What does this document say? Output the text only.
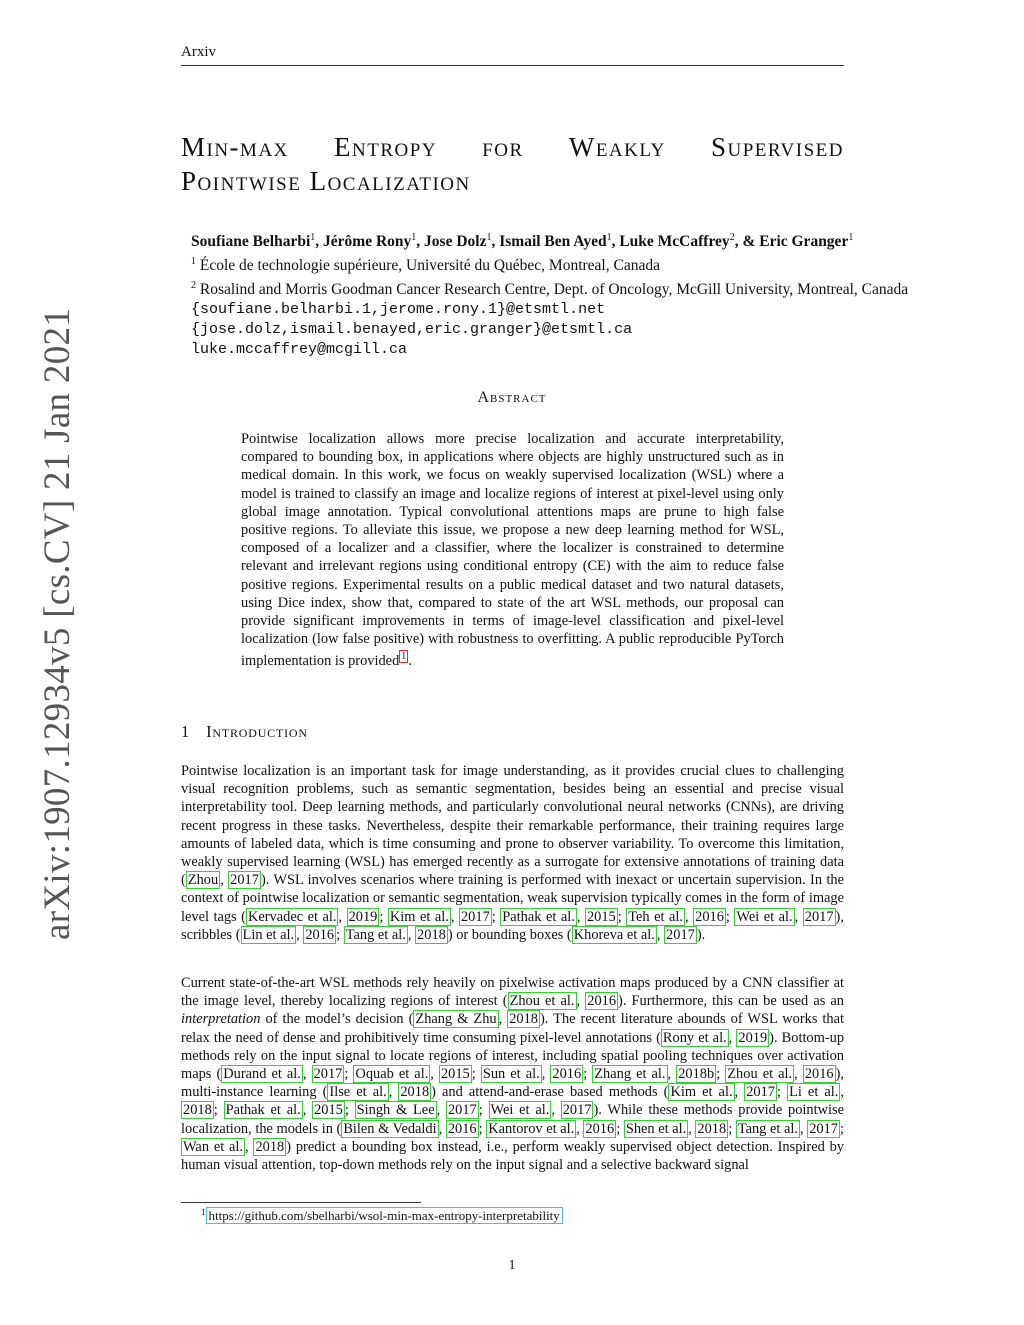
Arxiv
arXiv:1907.12934v5 [cs.CV] 21 Jan 2021
Min-max Entropy for Weakly Supervised
Pointwise Localization
Soufiane Belharbi$^1$, Jérôme Rony$^1$, Jose Dolz$^1$, Ismail Ben Ayed$^1$, Luke McCaffrey$^2$, & Eric Granger$^1$
$^1$ École de technologie supérieure, Université du Québec, Montreal, Canada
$^2$ Rosalind and Morris Goodman Cancer Research Centre, Dept. of Oncology, McGill University, Montreal, Canada
{soufiane.belharbi.1,jerome.rony.1}@etsmtl.net
{jose.dolz,ismail.benayed,eric.granger}@etsmtl.ca
luke.mccaffrey@mcgill.ca
Abstract
Pointwise localization allows more precise localization and accurate interpretability, compared to bounding box, in applications where objects are highly unstructured such as in medical domain. In this work, we focus on weakly supervised localization (WSL) where a model is trained to classify an image and localize regions of interest at pixel-level using only global image annotation. Typical convolutional attentions maps are prune to high false positive regions. To alleviate this issue, we propose a new deep learning method for WSL, composed of a localizer and a classifier, where the localizer is constrained to determine relevant and irrelevant regions using conditional entropy (CE) with the aim to reduce false positive regions. Experimental results on a public medical dataset and two natural datasets, using Dice index, show that, compared to state of the art WSL methods, our proposal can provide significant improvements in terms of image-level classification and pixel-level localization (low false positive) with robustness to overfitting. A public reproducible PyTorch implementation is provided $^1$ .
1 Introduction
Pointwise localization is an important task for image understanding, as it provides crucial clues to challenging visual recognition problems, such as semantic segmentation, besides being an essential and precise visual interpretability tool. Deep learning methods, and particularly convolutional neural networks (CNNs), are driving recent progress in these tasks. Nevertheless, despite their remarkable performance, their training requires large amounts of labeled data, which is time consuming and prone to observer variability. To overcome this limitation, weakly supervised learning (WSL) has emerged recently as a surrogate for extensive annotations of training data ( Zhou , 2017 ). WSL involves scenarios where training is performed with inexact or uncertain supervision. In the context of pointwise localization or semantic segmentation, weak supervision typically comes in the form of image level tags ( Kervadec et al. , 2019 ; Kim et al. , 2017 ; Pathak et al. , 2015 ; Teh et al. , 2016 ; Wei et al. , 2017 ), scribbles ( Lin et al. , 2016 ; Tang et al. , 2018 ) or bounding boxes ( Khoreva et al. , 2017 ).
Current state-of-the-art WSL methods rely heavily on pixelwise activation maps produced by a CNN classifier at the image level, thereby localizing regions of interest ( Zhou et al. , 2016 ). Furthermore, this can be used as an interpretation of the model’s decision ( Zhang & Zhu , 2018 ). The recent literature abounds of WSL works that relax the need of dense and prohibitively time consuming pixel-level annotations ( Rony et al. , 2019 ). Bottom-up methods rely on the input signal to locate regions of interest, including spatial pooling techniques over activation maps ( Durand et al. , 2017 ; Oquab et al. , 2015 ; Sun et al. , 2016 ; Zhang et al. , 2018b ; Zhou et al. , 2016 ), multi-instance learning ( Ilse et al. , 2018 ) and attend-and-erase based methods ( Kim et al. , 2017 ; Li et al. , 2018 ; Pathak et al. , 2015 ; Singh & Lee , 2017 ; Wei et al. , 2017 ). While these methods provide pointwise localization, the models in ( Bilen & Vedaldi , 2016 ; Kantorov et al. , 2016 ; Shen et al. , 2018 ; Tang et al. , 2017 ; Wan et al. , 2018 ) predict a bounding box instead, i.e., perform weakly supervised object detection. Inspired by human visual attention, top-down methods rely on the input signal and a selective backward signal
$^1$ https://github.com/sbelharbi/wsol-min-max-entropy-interpretability
1
